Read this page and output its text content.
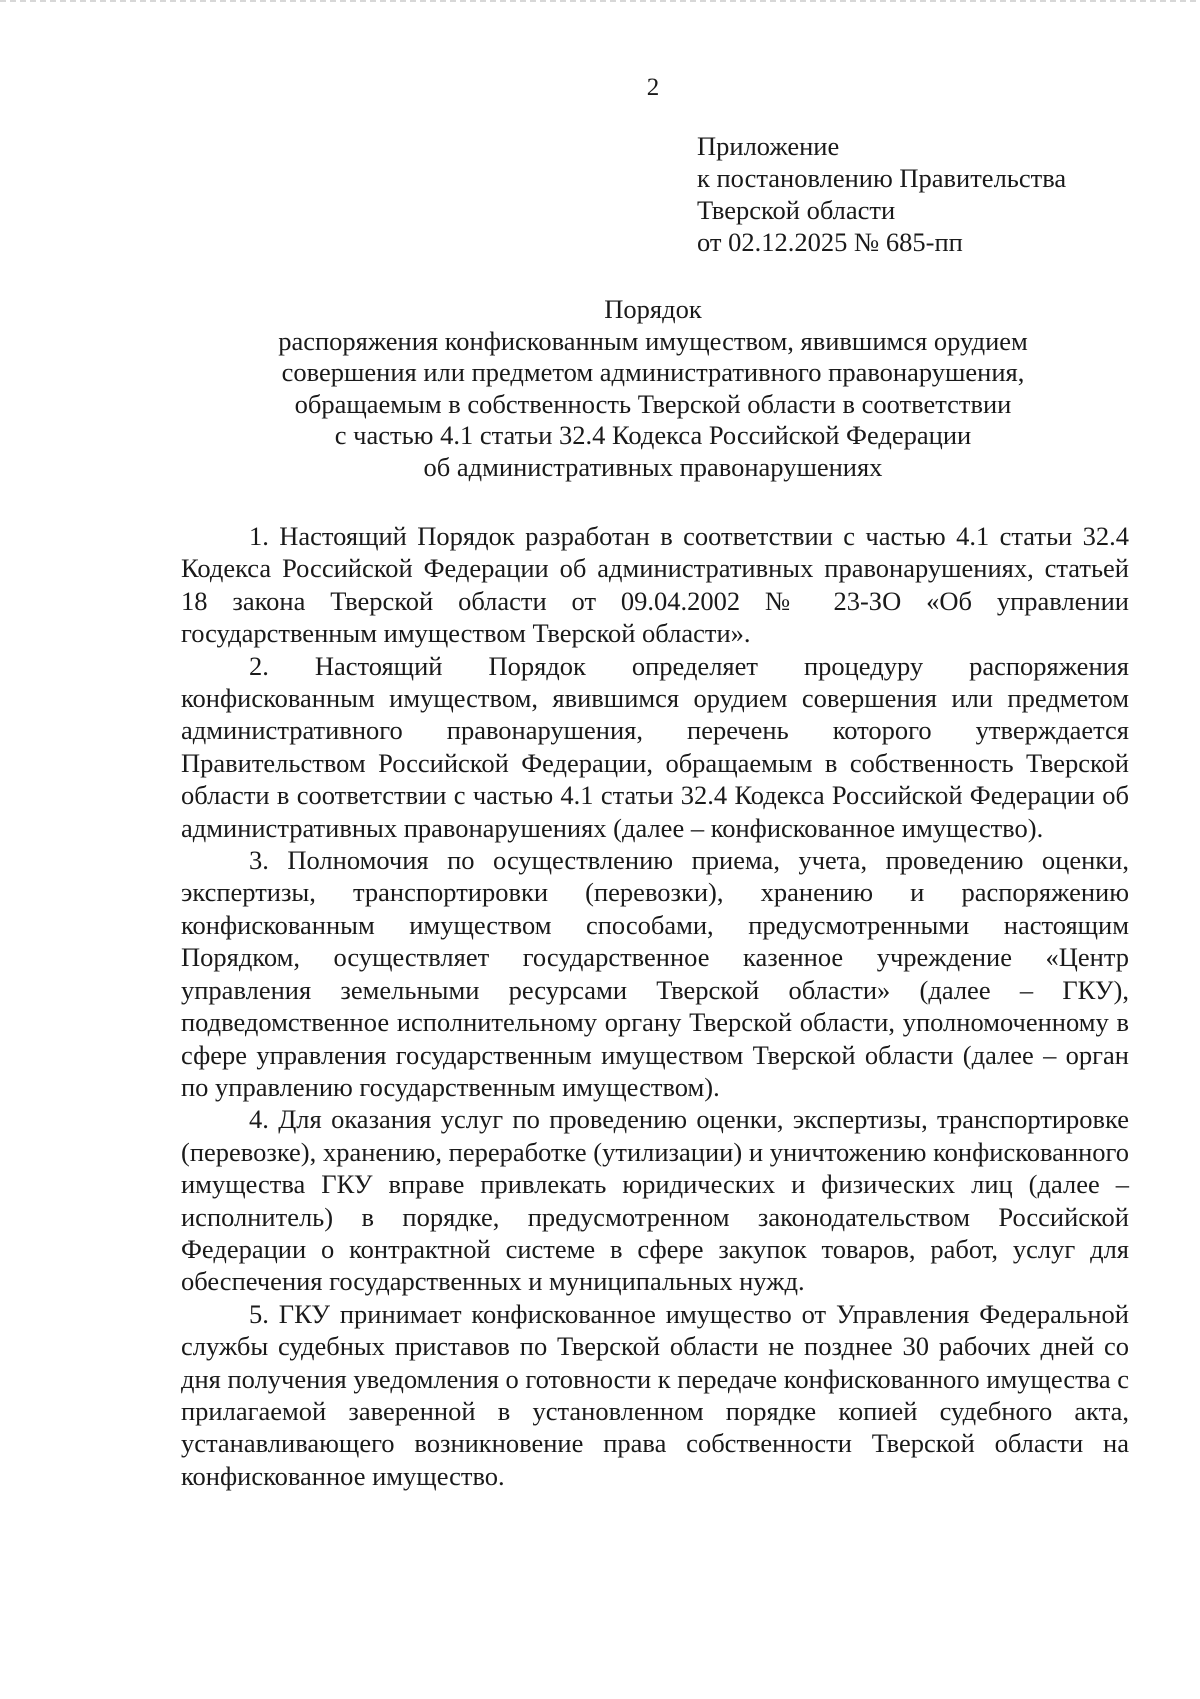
2
Приложение
к постановлению Правительства
Тверской области
от 02.12.2025 № 685-пп
Порядок
распоряжения конфискованным имуществом, явившимся орудием
совершения или предметом административного правонарушения,
обращаемым в собственность Тверской области в соответствии
с частью 4.1 статьи 32.4 Кодекса Российской Федерации
об административных правонарушениях

1. Настоящий Порядок разработан в соответствии с частью 4.1 статьи 32.4 Кодекса Российской Федерации об административных правонарушениях, статьей 18 закона Тверской области от 09.04.2002 № 23-ЗО «Об управлении государственным имуществом Тверской области».

2. Настоящий Порядок определяет процедуру распоряжения конфискованным имуществом, явившимся орудием совершения или предметом административного правонарушения, перечень которого утверждается Правительством Российской Федерации, обращаемым в собственность Тверской области в соответствии с частью 4.1 статьи 32.4 Кодекса Российской Федерации об административных правонарушениях (далее – конфискованное имущество).

3. Полномочия по осуществлению приема, учета, проведению оценки, экспертизы, транспортировки (перевозки), хранению и распоряжению конфискованным имуществом способами, предусмотренными настоящим Порядком, осуществляет государственное казенное учреждение «Центр управления земельными ресурсами Тверской области» (далее – ГКУ), подведомственное исполнительному органу Тверской области, уполномоченному в сфере управления государственным имуществом Тверской области (далее – орган по управлению государственным имуществом).

4. Для оказания услуг по проведению оценки, экспертизы, транспортировке (перевозке), хранению, переработке (утилизации) и уничтожению конфискованного имущества ГКУ вправе привлекать юридических и физических лиц (далее – исполнитель) в порядке, предусмотренном законодательством Российской Федерации о контрактной системе в сфере закупок товаров, работ, услуг для обеспечения государственных и муниципальных нужд.

5. ГКУ принимает конфискованное имущество от Управления Федеральной службы судебных приставов по Тверской области не позднее 30 рабочих дней со дня получения уведомления о готовности к передаче конфискованного имущества с прилагаемой заверенной в установленном порядке копией судебного акта, устанавливающего возникновение права собственности Тверской области на конфискованное имущество.
